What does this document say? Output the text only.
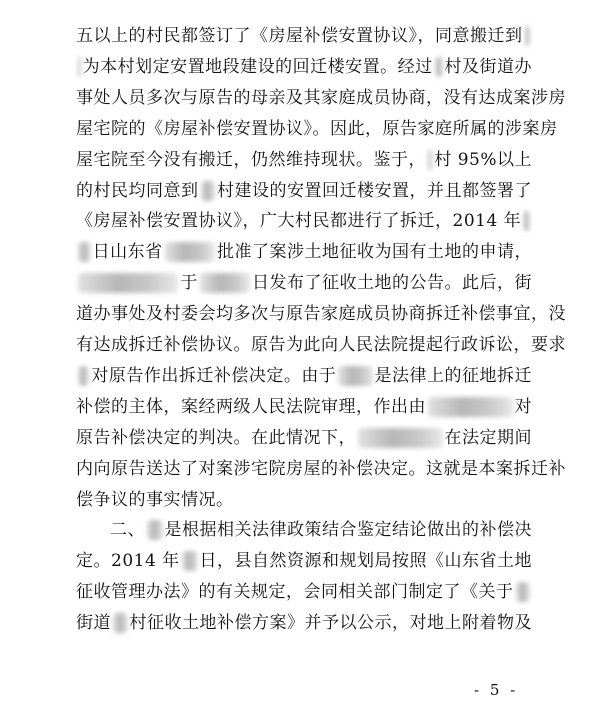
五以上的村民都签订了《房屋补偿安置协议》，同意搬迁到
为本村划定安置地段建设的回迁楼安置。经过 村及街道办
事处人员多次与原告的母亲及其家庭成员协商，没有达成案涉房
屋宅院的《房屋补偿安置协议》。因此，原告家庭所属的涉案房
屋宅院至今没有搬迁，仍然维持现状。鉴于， 村 95%以上
的村民均同意到 村建设的安置回迁楼安置，并且都签署了
《房屋补偿安置协议》，广大村民都进行了拆迁，2014 年
日山东省	批准了案涉土地征收为国有土地的申请，
于	日发布了征收土地的公告。此后，街
道办事处及村委会均多次与原告家庭成员协商拆迁补偿事宜，没
有达成拆迁补偿协议。原告为此向人民法院提起行政诉讼，要求
对原告作出拆迁补偿决定。由于 是法律上的征地拆迁
补偿的主体，案经两级人民法院审理，作出由	对
原告补偿决定的判决。在此情况下，	在法定期间
内向原告送达了对案涉宅院房屋的补偿决定。这就是本案拆迁补
偿争议的事实情况。
二、 是根据相关法律政策结合鉴定结论做出的补偿决
定。2014 年 日，县自然资源和规划局按照《山东省土地
征收管理办法》的有关规定，会同相关部门制定了《关于
街道 村征收土地补偿方案》并予以公示，对地上附着物及
- 5 -
